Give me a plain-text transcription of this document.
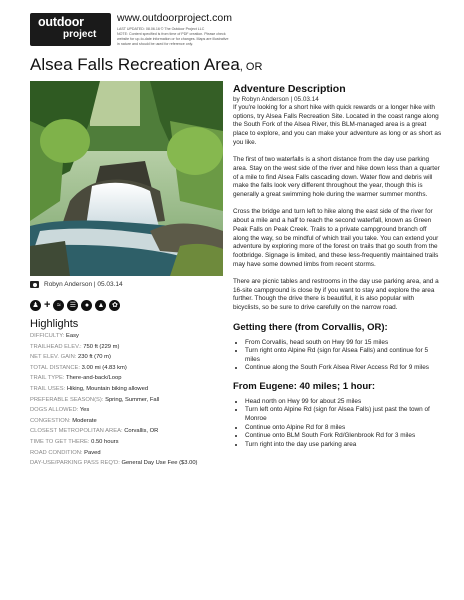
outdoor
project
www.outdoorproject.com
LAST UPDATED: 08.06.16 © The Outdoor Project LLC
NOTE: Content specified is from time of PDF creation. Please check
website for up-to-date information or for changes. Maps are illustrative
in nature and should be used for reference only.
Alsea Falls Recreation Area, OR
Robyn Anderson | 05.03.14
♟ + ≈	☰	●	▲	✿
Highlights
DIFFICULTY: Easy
TRAILHEAD ELEV.: 750 ft (229 m)
NET ELEV. GAIN: 230 ft (70 m)
TOTAL DISTANCE: 3.00 mi (4.83 km)
TRAIL TYPE: There-and-back/Loop
TRAIL USES: Hiking, Mountain biking allowed
PREFERABLE SEASON(S): Spring, Summer, Fall
DOGS ALLOWED: Yes
CONGESTION: Moderate
CLOSEST METROPOLITAN AREA: Corvallis, OR
TIME TO GET THERE: 0.50 hours
ROAD CONDITION: Paved
DAY-USE/PARKING PASS REQ'D: General Day Use Fee ($3.00)
Adventure Description
by Robyn Anderson | 05.03.14

If you're looking for a short hike with quick rewards or a longer hike with options, try Alsea Falls Recreation Site. Located in the coast range along the South Fork of the Alsea River, this BLM-managed area is a great place to explore, and you can make your adventure as long or as short as you like.

The first of two waterfalls is a short distance from the day use parking area. Stay on the west side of the river and hike down less than a quarter of a mile to find Alsea Falls cascading down. Water flow and debris will make the falls look very different throughout the year, though this is generally a great swimming hole during the warmer summer months.

Cross the bridge and turn left to hike along the east side of the river for about a mile and a half to reach the second waterfall, known as Green Peak Falls on Peak Creek. Trails to a private campground branch off along the way, so be mindful of which trail you take. You can extend your adventure by exploring more of the forest on trails that go south from the footbridge. Signage is limited, and these less-frequently maintained trails may have some downed limbs from recent storms.

There are picnic tables and restrooms in the day use parking area, and a 16-site campground is close by if you want to stay and explore the area further. Though the drive there is beautiful, it is also popular with bicyclists, so be sure to drive carefully on the narrow road.

Getting there (from Corvallis, OR):
• From Corvallis, head south on Hwy 99 for 15 miles
• Turn right onto Alpine Rd (sign for Alsea Falls) and continue for 5 miles
• Continue along the South Fork Alsea River Access Rd for 9 miles
From Eugene: 40 miles; 1 hour:
• Head north on Hwy 99 for about 25 miles
• Turn left onto Alpine Rd (sign for Alsea Falls) just past the town of Monroe
• Continue onto Alpine Rd for 8 miles
• Continue onto BLM South Fork Rd/Glenbrook Rd for 3 miles
• Turn right into the day use parking area
